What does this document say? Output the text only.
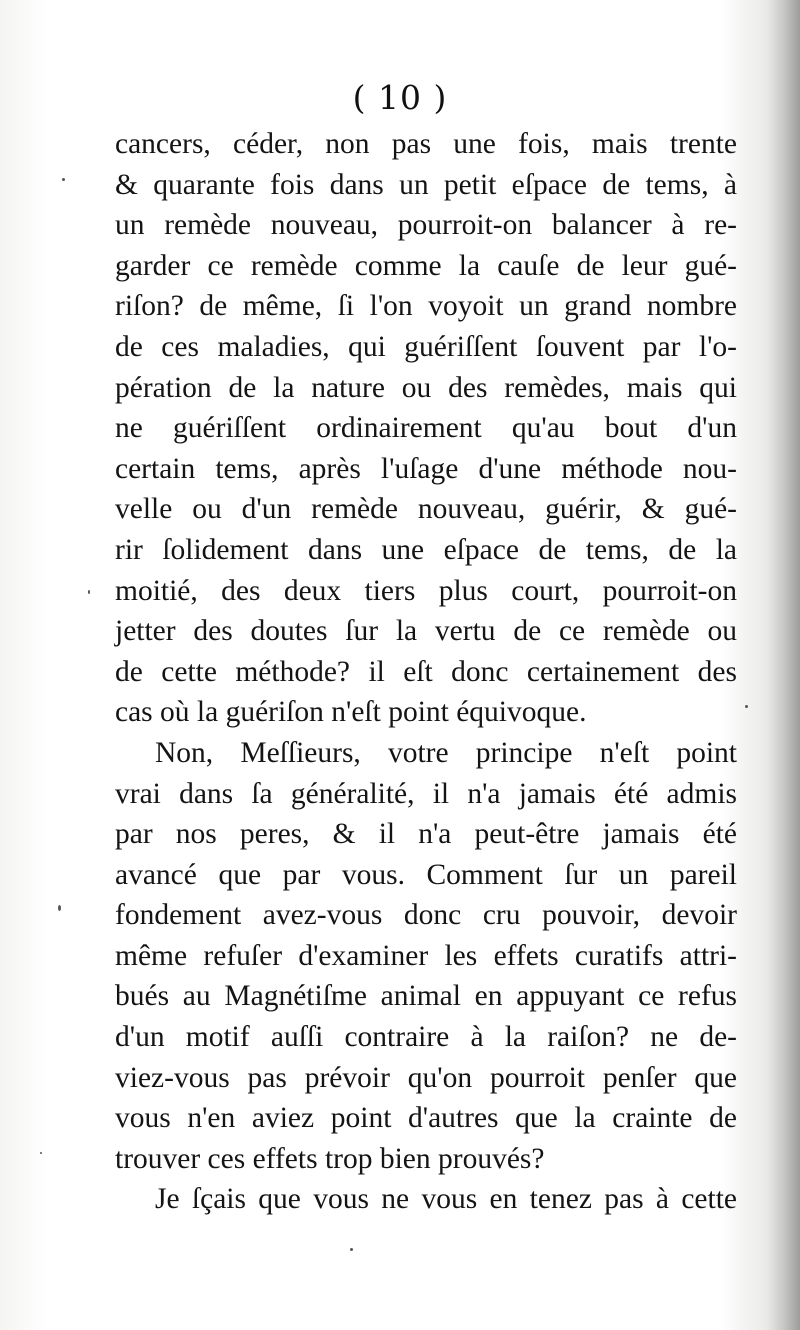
( 10 )
cancers, céder, non pas une fois, mais trente
& quarante fois dans un petit eſpace de tems, à
un remède nouveau, pourroit-on balancer à re-
garder ce remède comme la cauſe de leur gué-
riſon? de même, ſi l'on voyoit un grand nombre
de ces maladies, qui guériſſent ſouvent par l'o-
pération de la nature ou des remèdes, mais qui
ne guériſſent ordinairement qu'au bout d'un
certain tems, après l'uſage d'une méthode nou-
velle ou d'un remède nouveau, guérir, & gué-
rir ſolidement dans une eſpace de tems, de la
moitié, des deux tiers plus court, pourroit-on
jetter des doutes ſur la vertu de ce remède ou
de cette méthode? il eſt donc certainement des
cas où la guériſon n'eſt point équivoque.
Non, Meſſieurs, votre principe n'eſt point
vrai dans ſa généralité, il n'a jamais été admis
par nos peres, & il n'a peut-être jamais été
avancé que par vous. Comment ſur un pareil
fondement avez-vous donc cru pouvoir, devoir
même refuſer d'examiner les effets curatifs attri-
bués au Magnétiſme animal en appuyant ce refus
d'un motif auſſi contraire à la raiſon? ne de-
viez-vous pas prévoir qu'on pourroit penſer que
vous n'en aviez point d'autres que la crainte de
trouver ces effets trop bien prouvés?
Je ſçais que vous ne vous en tenez pas à cette
